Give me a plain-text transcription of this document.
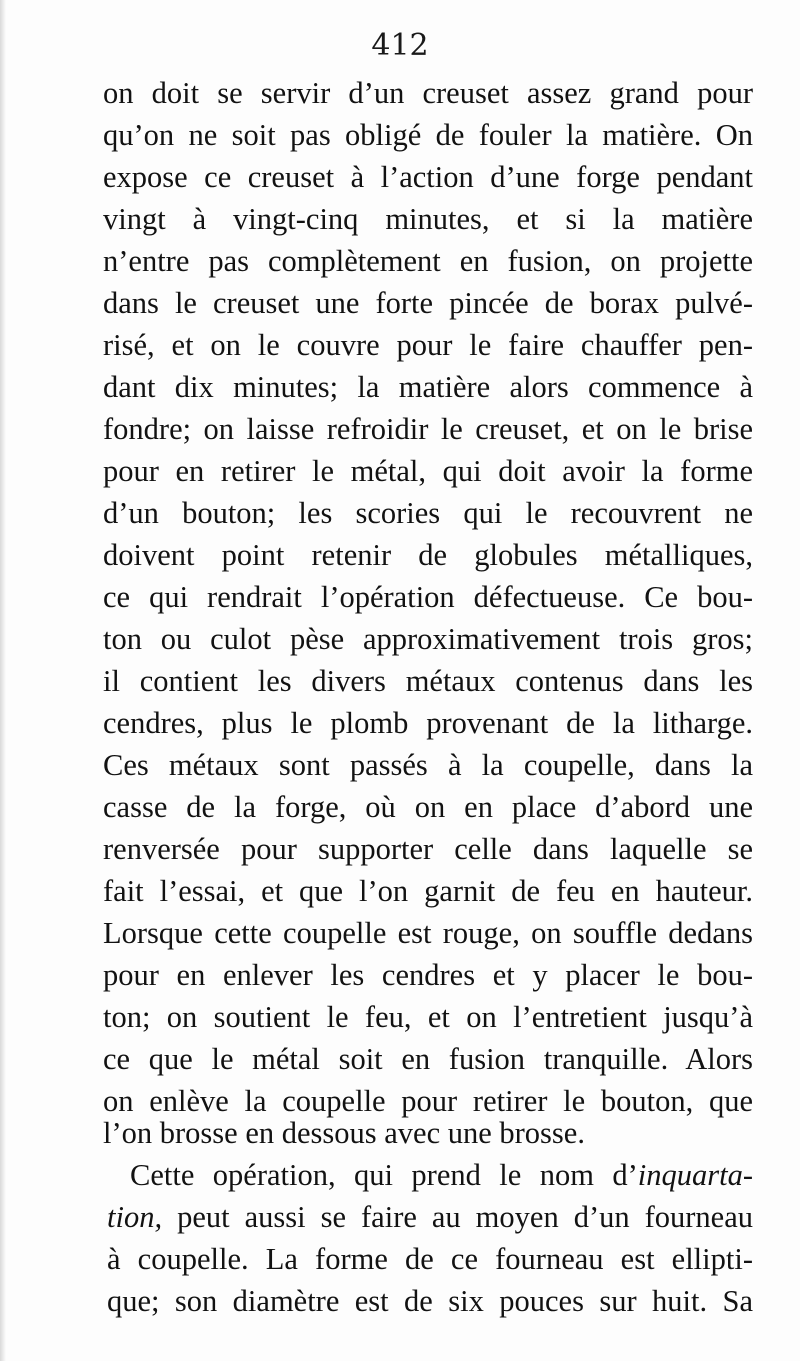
412
on doit se servir d’un creuset assez grand pour
qu’on ne soit pas obligé de fouler la matière. On
expose ce creuset à l’action d’une forge pendant
vingt à vingt-cinq minutes, et si la matière
n’entre pas complètement en fusion, on projette
dans le creuset une forte pincée de borax pulvé-
risé, et on le couvre pour le faire chauffer pen-
dant dix minutes; la matière alors commence à
fondre; on laisse refroidir le creuset, et on le brise
pour en retirer le métal, qui doit avoir la forme
d’un bouton; les scories qui le recouvrent ne
doivent point retenir de globules métalliques,
ce qui rendrait l’opération défectueuse. Ce bou-
ton ou culot pèse approximativement trois gros;
il contient les divers métaux contenus dans les
cendres, plus le plomb provenant de la litharge.
Ces métaux sont passés à la coupelle, dans la
casse de la forge, où on en place d’abord une
renversée pour supporter celle dans laquelle se
fait l’essai, et que l’on garnit de feu en hauteur.
Lorsque cette coupelle est rouge, on souffle dedans
pour en enlever les cendres et y placer le bou-
ton; on soutient le feu, et on l’entretient jusqu’à
ce que le métal soit en fusion tranquille. Alors
on enlève la coupelle pour retirer le bouton, que
l’on brosse en dessous avec une brosse.
Cette opération, qui prend le nom d’inquarta-
tion, peut aussi se faire au moyen d’un fourneau
à coupelle. La forme de ce fourneau est ellipti-
que; son diamètre est de six pouces sur huit. Sa
